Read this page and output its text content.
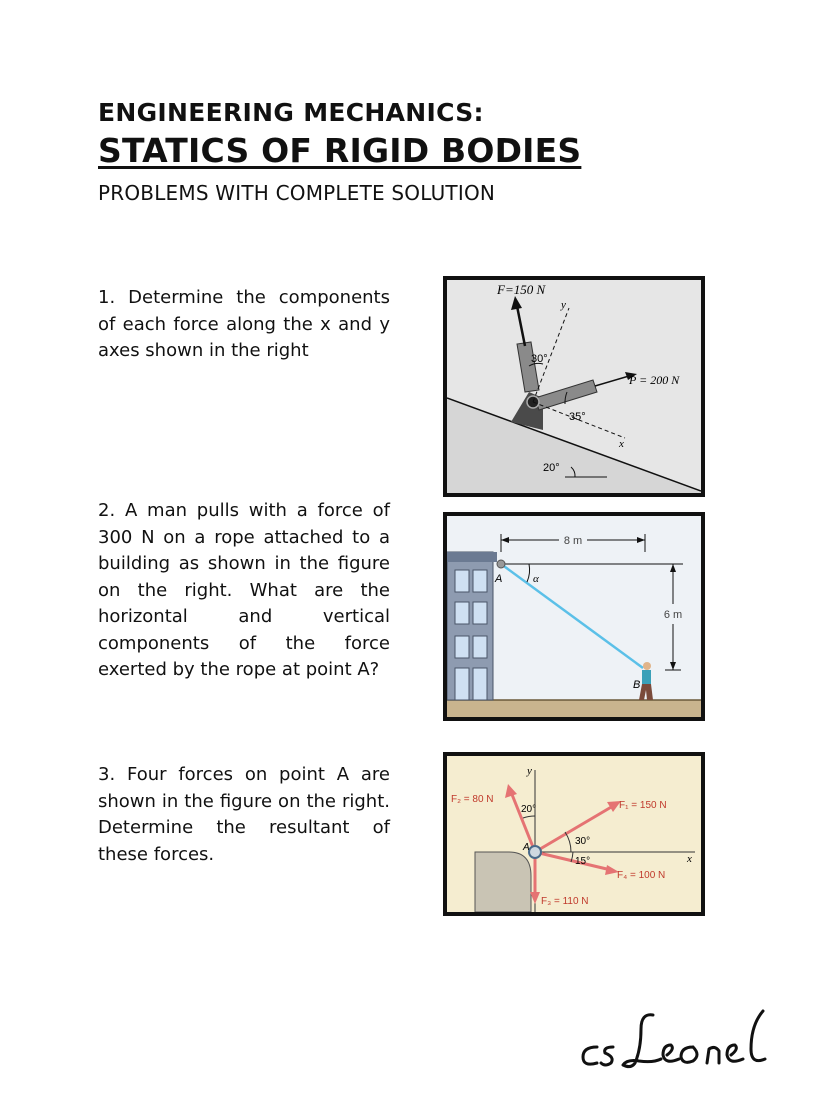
ENGINEERING MECHANICS:
STATICS OF RIGID BODIES
PROBLEMS WITH COMPLETE SOLUTION
1. Determine the components of each force along the x and y axes shown in the right
F=150 N
y
30°
P = 200 N
35°
x
20°
2. A man pulls with a force of 300 N on a rope attached to a building as shown in the figure on the right. What are the horizontal and vertical components of the force exerted by the rope at point A?
8 m
6 m
α
A
B
3. Four forces on point A are shown in the figure on the right. Determine the resultant of these forces.
y
x
F₂ = 80 N
20°	F₁ = 150 N
30°
A
15°
F₄ = 100 N
F₃ = 110 N
